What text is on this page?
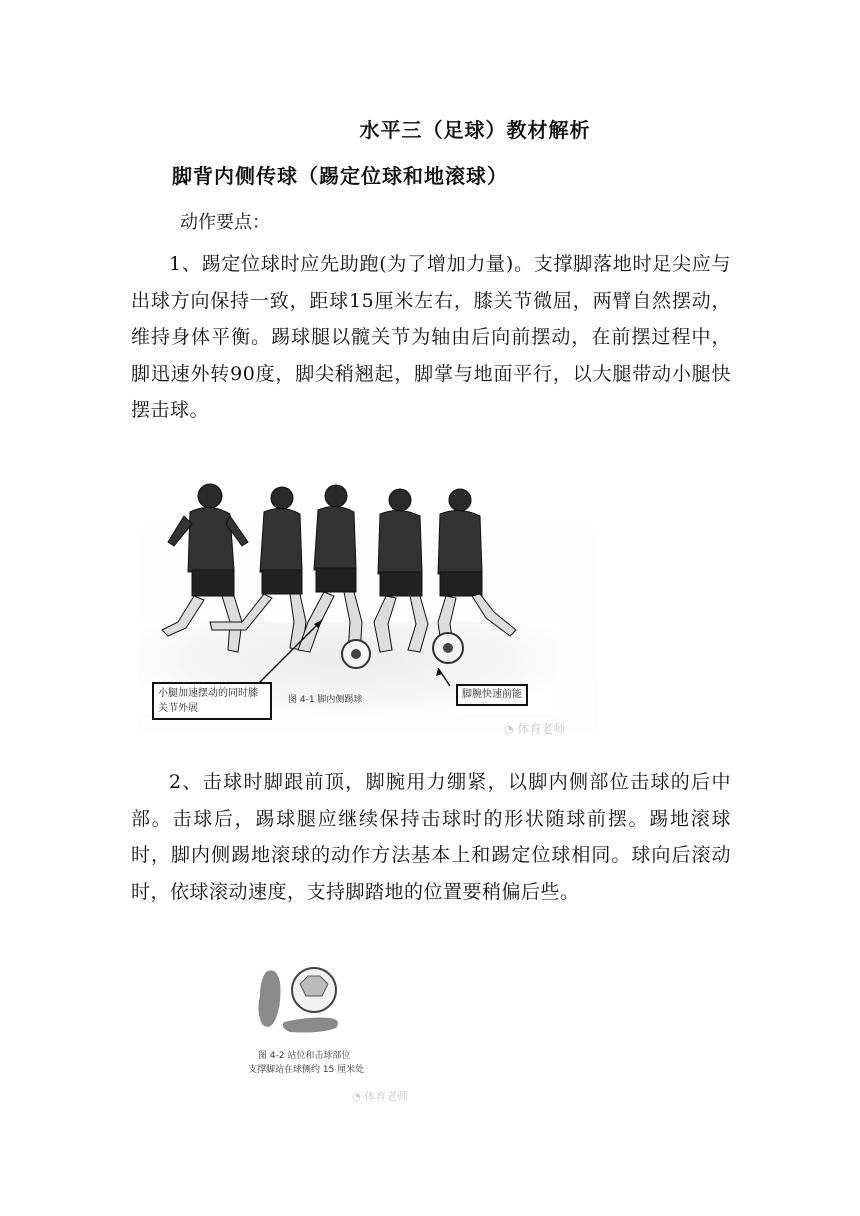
水平三（足球）教材解析
脚背内侧传球（踢定位球和地滚球）
动作要点：

1、踢定位球时应先助跑(为了增加力量)。支撑脚落地时足尖应与出球方向保持一致，距球15厘米左右，膝关节微屈，两臂自然摆动，维持身体平衡。踢球腿以髋关节为轴由后向前摆动，在前摆过程中，脚迅速外转90度，脚尖稍翘起，脚掌与地面平行，以大腿带动小腿快摆击球。

小腿加速摆动的同时膝关节外展
图 4-1 脚内侧踢球	脚腕快速前能
◔ 体育老师

2、击球时脚跟前顶，脚腕用力绷紧，以脚内侧部位击球的后中部。击球后，踢球腿应继续保持击球时的形状随球前摆。踢地滚球时，脚内侧踢地滚球的动作方法基本上和踢定位球相同。球向后滚动时，依球滚动速度，支持脚踏地的位置要稍偏后些。

图 4-2 站位和击球部位
支撑脚站在球侧约 15 厘米处
◔ 体育老师
